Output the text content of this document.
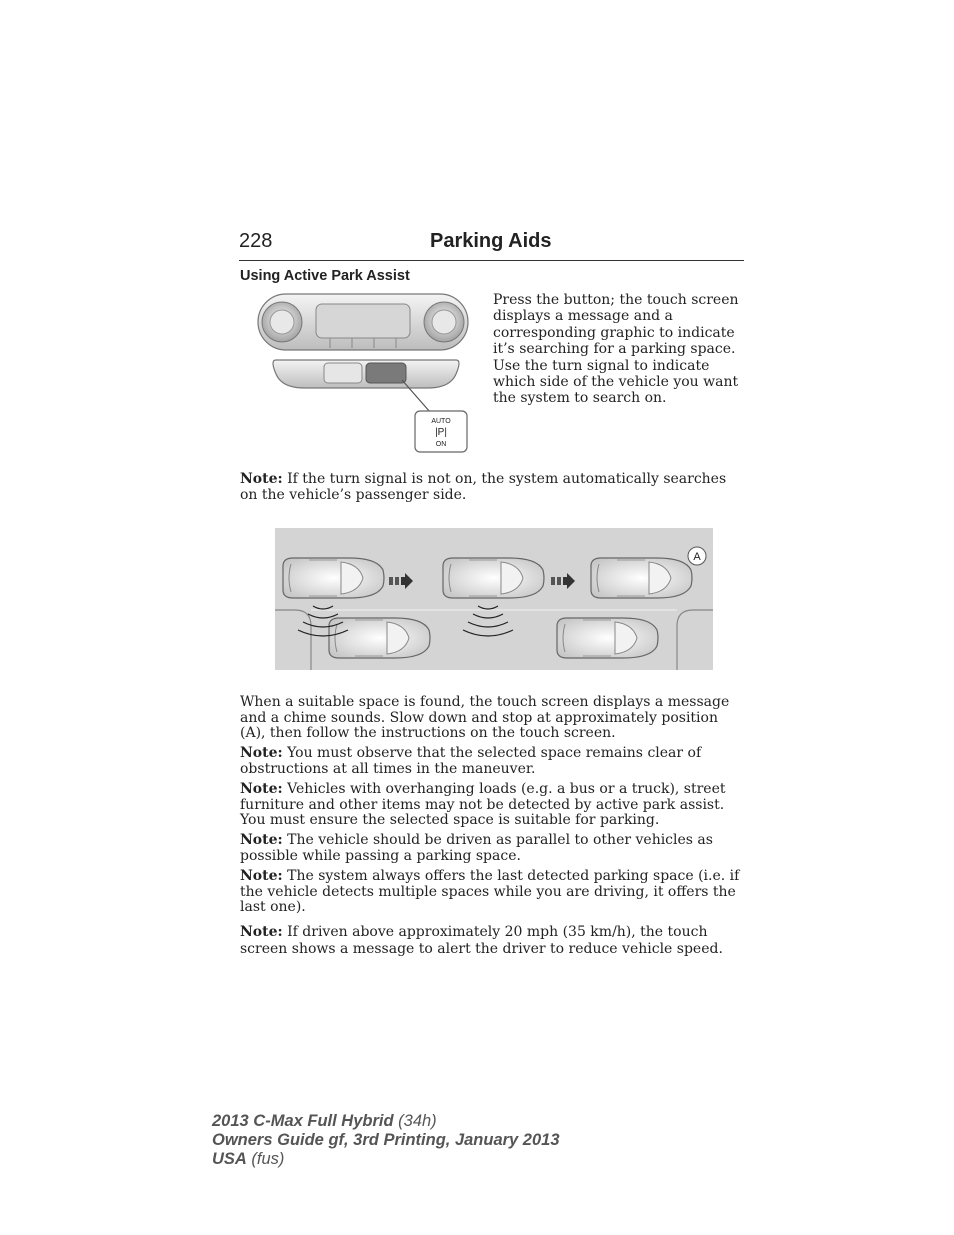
228	Parking Aids
Using Active Park Assist
AUTO
|P|
ON
Press the button; the touch screen displays a message and a corresponding graphic to indicate it’s searching for a parking space. Use the turn signal to indicate which side of the vehicle you want the system to search on.
A
Note: If the turn signal is not on, the system automatically searches on the vehicle’s passenger side.
When a suitable space is found, the touch screen displays a message and a chime sounds. Slow down and stop at approximately position (A), then follow the instructions on the touch screen.
Note: You must observe that the selected space remains clear of obstructions at all times in the maneuver.
Note: Vehicles with overhanging loads (e.g. a bus or a truck), street furniture and other items may not be detected by active park assist. You must ensure the selected space is suitable for parking.
Note: The vehicle should be driven as parallel to other vehicles as possible while passing a parking space.
Note: The system always offers the last detected parking space (i.e. if the vehicle detects multiple spaces while you are driving, it offers the last one).
Note: If driven above approximately 20 mph (35 km/h), the touch screen shows a message to alert the driver to reduce vehicle speed.
2013 C-Max Full Hybrid (34h)
Owners Guide gf, 3rd Printing, January 2013
USA (fus)
